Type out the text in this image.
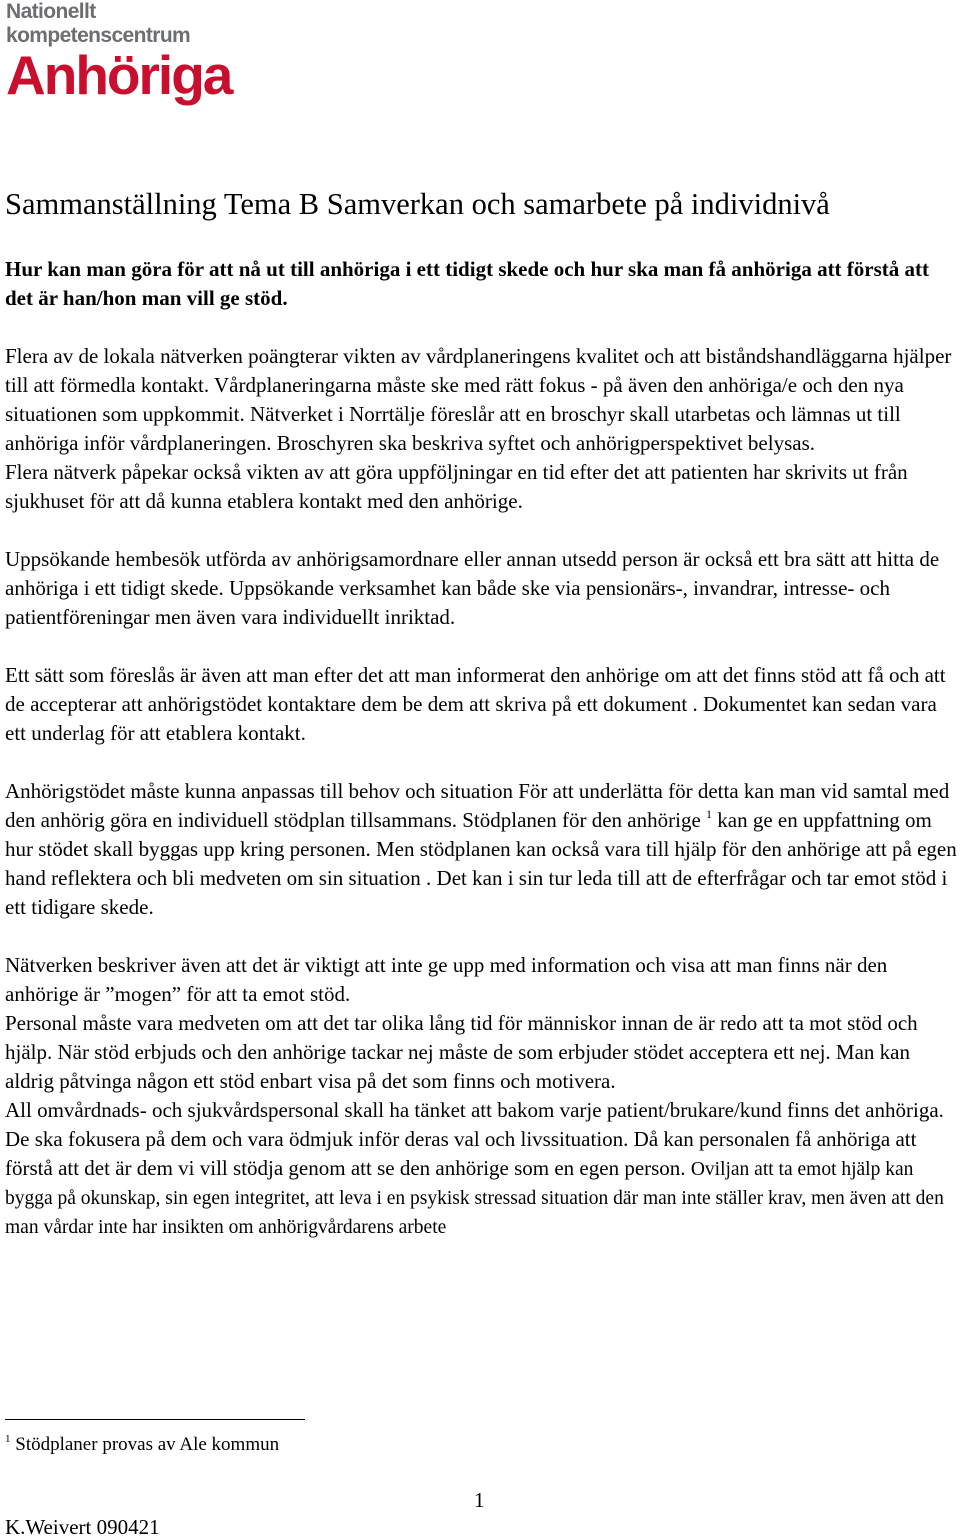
Nationellt
kompetenscentrum
Anhöriga
Sammanställning Tema B Samverkan och samarbete på individnivå

Hur kan man göra för att nå ut till anhöriga i ett tidigt skede och hur ska man få anhöriga att förstå att det är han/hon man vill ge stöd.

Flera av de lokala nätverken poängterar vikten av vårdplaneringens kvalitet och att biståndshandläggarna hjälper till att förmedla kontakt. Vårdplaneringarna måste ske med rätt fokus - på även den anhöriga/e och den nya situationen som uppkommit. Nätverket i Norrtälje föreslår att en broschyr skall utarbetas och lämnas ut till anhöriga inför vårdplaneringen. Broschyren ska beskriva syftet och anhörigperspektivet belysas.

Flera nätverk påpekar också vikten av att göra uppföljningar en tid efter det att patienten har skrivits ut från sjukhuset för att då kunna etablera kontakt med den anhörige.

Uppsökande hembesök utförda av anhörigsamordnare eller annan utsedd person är också ett bra sätt att hitta de anhöriga i ett tidigt skede. Uppsökande verksamhet kan både ske via pensionärs-, invandrar, intresse- och patientföreningar men även vara individuellt inriktad.

Ett sätt som föreslås är även att man efter det att man informerat den anhörige om att det finns stöd att få och att de accepterar att anhörigstödet kontaktare dem be dem att skriva på ett dokument . Dokumentet kan sedan vara ett underlag för att etablera kontakt.

Anhörigstödet måste kunna anpassas till behov och situation För att underlätta för detta kan man vid samtal med den anhörig göra en individuell stödplan tillsammans. Stödplanen för den anhörige $^1$ kan ge en uppfattning om hur stödet skall byggas upp kring personen. Men stödplanen kan också vara till hjälp för den anhörige att på egen hand reflektera och bli medveten om sin situation . Det kan i sin tur leda till att de efterfrågar och tar emot stöd i ett tidigare skede.

Nätverken beskriver även att det är viktigt att inte ge upp med information och visa att man finns när den anhörige är ”mogen” för att ta emot stöd.

Personal måste vara medveten om att det tar olika lång tid för människor innan de är redo att ta mot stöd och hjälp. När stöd erbjuds och den anhörige tackar nej måste de som erbjuder stödet acceptera ett nej. Man kan aldrig påtvinga någon ett stöd enbart visa på det som finns och motivera.

All omvårdnads- och sjukvårdspersonal skall ha tänket att bakom varje patient/brukare/kund finns det anhöriga. De ska fokusera på dem och vara ödmjuk inför deras val och livssituation. Då kan personalen få anhöriga att förstå att det är dem vi vill stödja genom att se den anhörige som en egen person. Oviljan att ta emot hjälp kan bygga på okunskap, sin egen integritet, att leva i en psykisk stressad situation där man inte ställer krav, men även att den man vårdar inte har insikten om anhörigvårdarens arbete

$^1$ Stödplaner provas av Ale kommun
1
K.Weivert 090421
